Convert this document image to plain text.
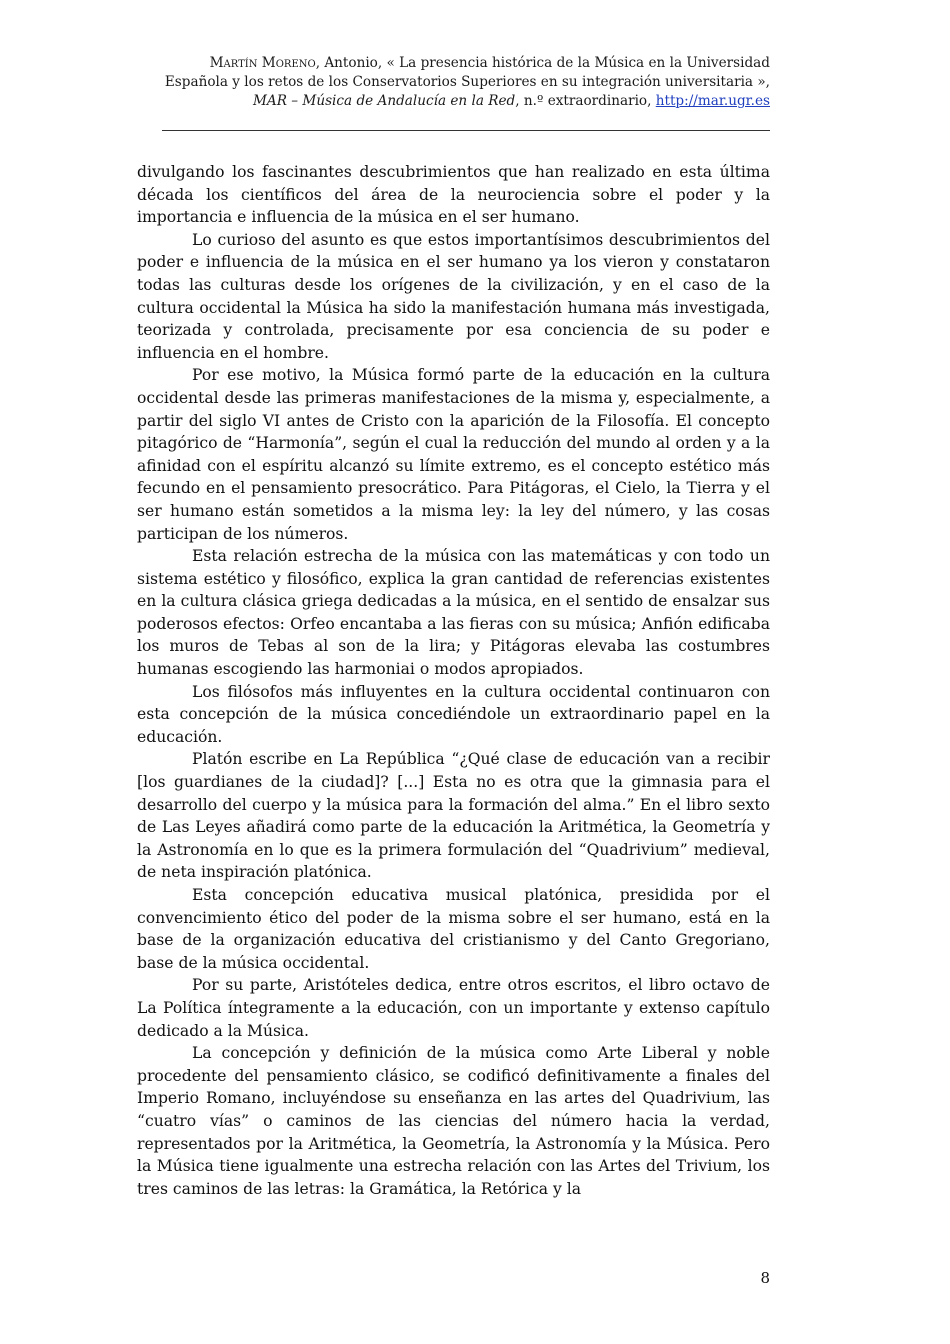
Martín Moreno, Antonio, « La presencia histórica de la Música en la Universidad Española y los retos de los Conservatorios Superiores en su integración universitaria », MAR – Música de Andalucía en la Red, n.º extraordinario, http://mar.ugr.es

divulgando los fascinantes descubrimientos que han realizado en esta última década los científicos del área de la neurociencia sobre el poder y la importancia e influencia de la música en el ser humano.

Lo curioso del asunto es que estos importantísimos descubrimientos del poder e influencia de la música en el ser humano ya los vieron y constataron todas las culturas desde los orígenes de la civilización, y en el caso de la cultura occidental la Música ha sido la manifestación humana más investigada, teorizada y controlada, precisamente por esa conciencia de su poder e influencia en el hombre.

Por ese motivo, la Música formó parte de la educación en la cultura occidental desde las primeras manifestaciones de la misma y, especialmente, a partir del siglo VI antes de Cristo con la aparición de la Filosofía. El concepto pitagórico de “Harmonía”, según el cual la reducción del mundo al orden y a la afinidad con el espíritu alcanzó su límite extremo, es el concepto estético más fecundo en el pensamiento presocrático. Para Pitágoras, el Cielo, la Tierra y el ser humano están sometidos a la misma ley: la ley del número, y las cosas participan de los números.

Esta relación estrecha de la música con las matemáticas y con todo un sistema estético y filosófico, explica la gran cantidad de referencias existentes en la cultura clásica griega dedicadas a la música, en el sentido de ensalzar sus poderosos efectos: Orfeo encantaba a las fieras con su música; Anfión edificaba los muros de Tebas al son de la lira; y Pitágoras elevaba las costumbres humanas escogiendo las harmoniai o modos apropiados.

Los filósofos más influyentes en la cultura occidental continuaron con esta concepción de la música concediéndole un extraordinario papel en la educación.

Platón escribe en La República “¿Qué clase de educación van a recibir [los guardianes de la ciudad]? [...] Esta no es otra que la gimnasia para el desarrollo del cuerpo y la música para la formación del alma.” En el libro sexto de Las Leyes añadirá como parte de la educación la Aritmética, la Geometría y la Astronomía en lo que es la primera formulación del “Quadrivium” medieval, de neta inspiración platónica.

Esta concepción educativa musical platónica, presidida por el convencimiento ético del poder de la misma sobre el ser humano, está en la base de la organización educativa del cristianismo y del Canto Gregoriano, base de la música occidental.

Por su parte, Aristóteles dedica, entre otros escritos, el libro octavo de La Política íntegramente a la educación, con un importante y extenso capítulo dedicado a la Música.

La concepción y definición de la música como Arte Liberal y noble procedente del pensamiento clásico, se codificó definitivamente a finales del Imperio Romano, incluyéndose su enseñanza en las artes del Quadrivium, las “cuatro vías” o caminos de las ciencias del número hacia la verdad, representados por la Aritmética, la Geometría, la Astronomía y la Música. Pero la Música tiene igualmente una estrecha relación con las Artes del Trivium, los tres caminos de las letras: la Gramática, la Retórica y la

8
